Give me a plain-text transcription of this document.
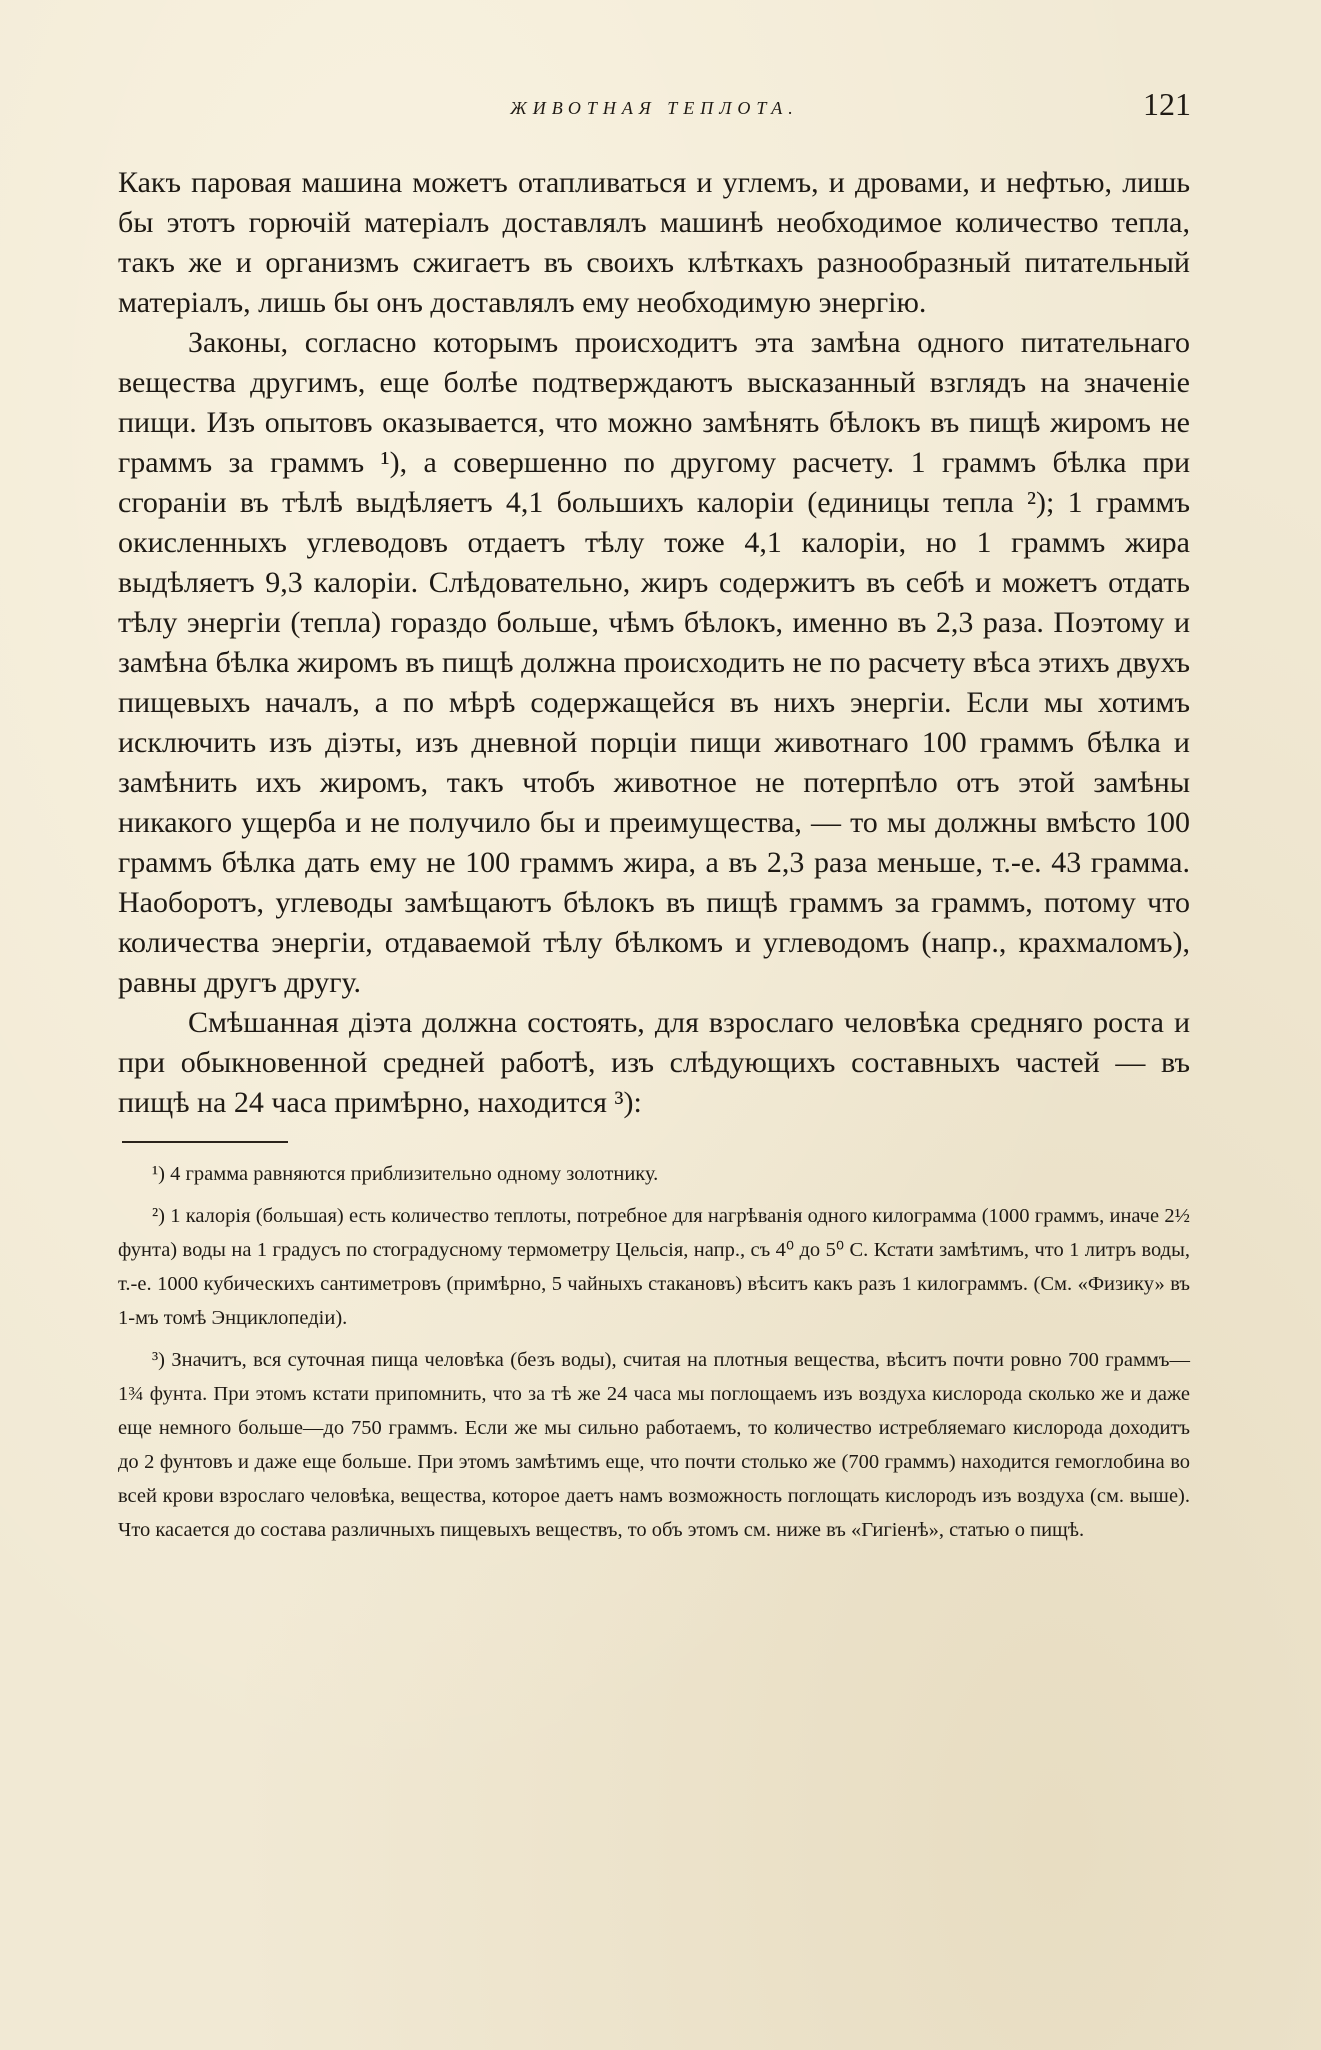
ЖИВОТНАЯ ТЕПЛОТА.	121

Какъ паровая машина можетъ отапливаться и углемъ, и дровами, и нефтью, лишь бы этотъ горючій матеріалъ доставлялъ машинѣ необходимое количество тепла, такъ же и организмъ сжигаетъ въ своихъ клѣткахъ разнообразный питательный матеріалъ, лишь бы онъ доставлялъ ему необходимую энергію.

Законы, согласно которымъ происходитъ эта замѣна одного питательнаго вещества другимъ, еще болѣе подтверждаютъ высказанный взглядъ на значеніе пищи. Изъ опытовъ оказывается, что можно замѣнять бѣлокъ въ пищѣ жиромъ не граммъ за граммъ ¹), а совершенно по другому расчету. 1 граммъ бѣлка при сгораніи въ тѣлѣ выдѣляетъ 4,1 большихъ калоріи (единицы тепла ²); 1 граммъ окисленныхъ углеводовъ отдаетъ тѣлу тоже 4,1 калоріи, но 1 граммъ жира выдѣляетъ 9,3 калоріи. Слѣдовательно, жиръ содержитъ въ себѣ и можетъ отдать тѣлу энергіи (тепла) гораздо больше, чѣмъ бѣлокъ, именно въ 2,3 раза. Поэтому и замѣна бѣлка жиромъ въ пищѣ должна происходить не по расчету вѣса этихъ двухъ пищевыхъ началъ, а по мѣрѣ содержащейся въ нихъ энергіи. Если мы хотимъ исключить изъ діэты, изъ дневной порціи пищи животнаго 100 граммъ бѣлка и замѣнить ихъ жиромъ, такъ чтобъ животное не потерпѣло отъ этой замѣны никакого ущерба и не получило бы и преимущества, — то мы должны вмѣсто 100 граммъ бѣлка дать ему не 100 граммъ жира, а въ 2,3 раза меньше, т.-е. 43 грамма. Наоборотъ, углеводы замѣщаютъ бѣлокъ въ пищѣ граммъ за граммъ, потому что количества энергіи, отдаваемой тѣлу бѣлкомъ и углеводомъ (напр., крахмаломъ), равны другъ другу.

Смѣшанная діэта должна состоять, для взрослаго человѣка средняго роста и при обыкновенной средней работѣ, изъ слѣдующихъ составныхъ частей — въ пищѣ на 24 часа примѣрно, находится ³):

¹) 4 грамма равняются приблизительно одному золотнику.

²) 1 калорія (большая) есть количество теплоты, потребное для нагрѣванія одного килограмма (1000 граммъ, иначе 2½ фунта) воды на 1 градусъ по стоградусному термометру Цельсія, напр., съ 4⁰ до 5⁰ С. Кстати замѣтимъ, что 1 литръ воды, т.-е. 1000 кубическихъ сантиметровъ (примѣрно, 5 чайныхъ стакановъ) вѣситъ какъ разъ 1 килограммъ. (См. «Физику» въ 1-мъ томѣ Энциклопедіи).

³) Значитъ, вся суточная пища человѣка (безъ воды), считая на плотныя вещества, вѣситъ почти ровно 700 граммъ—1¾ фунта. При этомъ кстати припомнить, что за тѣ же 24 часа мы поглощаемъ изъ воздуха кислорода сколько же и даже еще немного больше—до 750 граммъ. Если же мы сильно работаемъ, то количество истребляемаго кислорода доходитъ до 2 фунтовъ и даже еще больше. При этомъ замѣтимъ еще, что почти столько же (700 граммъ) находится гемоглобина во всей крови взрослаго человѣка, вещества, которое даетъ намъ возможность поглощать кислородъ изъ воздуха (см. выше). Что касается до состава различныхъ пищевыхъ веществъ, то объ этомъ см. ниже въ «Гигіенѣ», статью о пищѣ.
